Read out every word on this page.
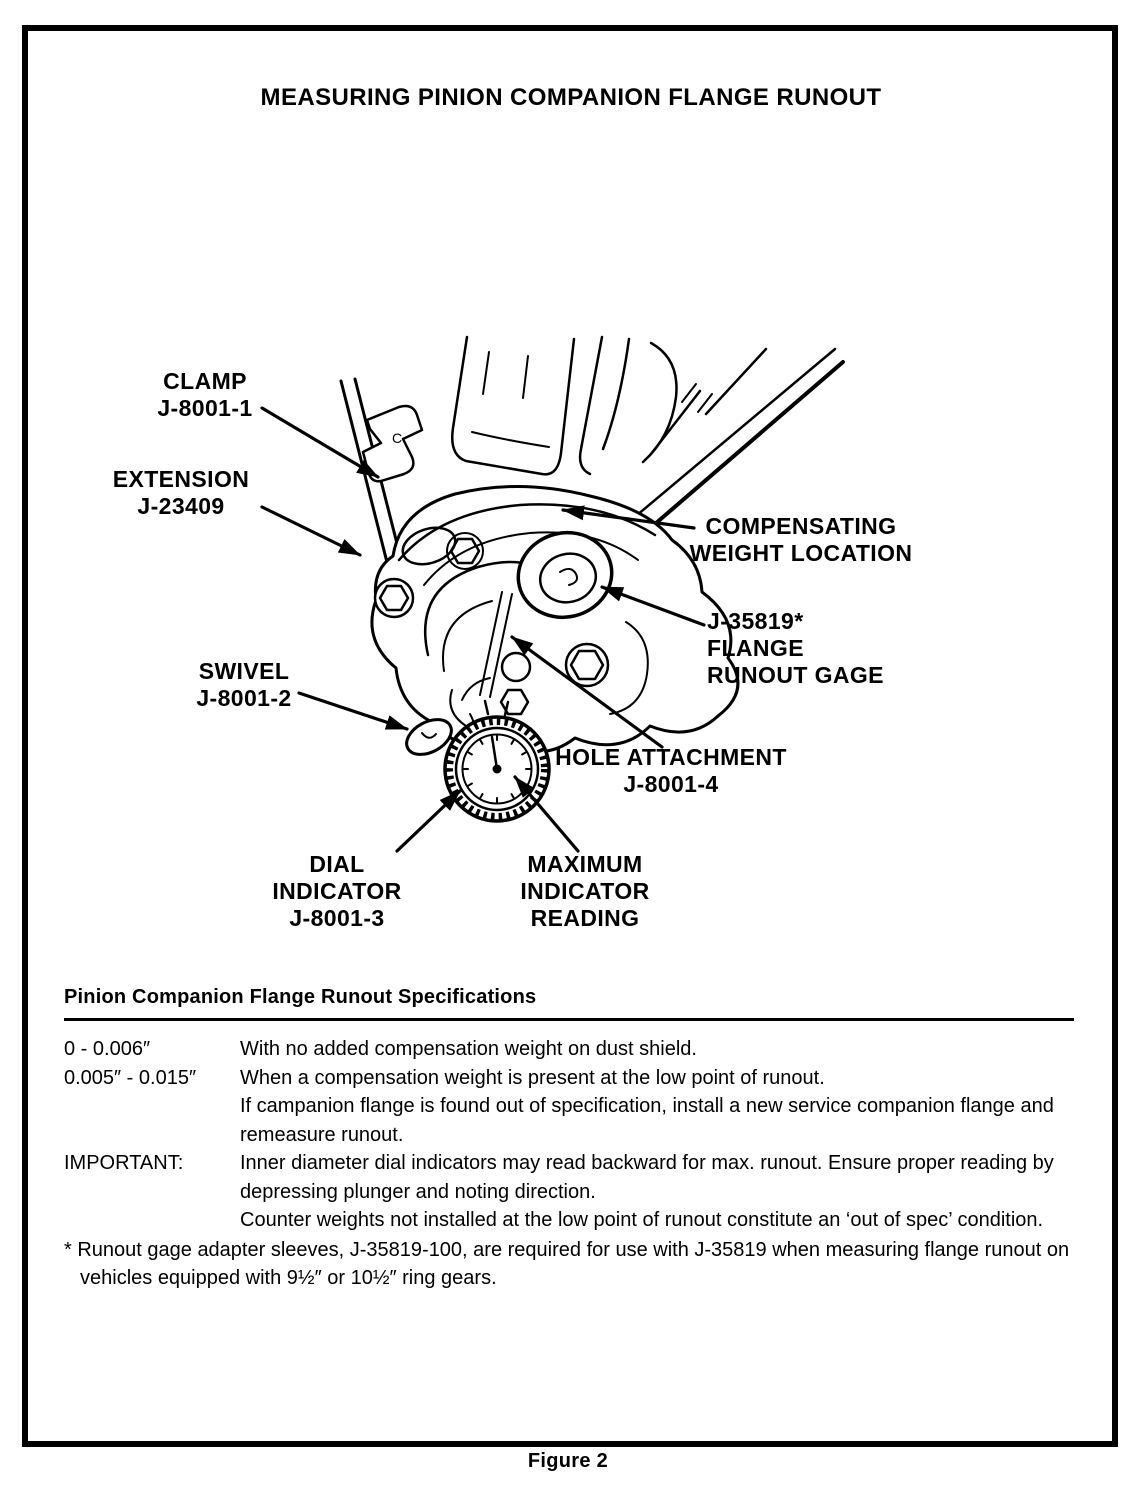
MEASURING PINION COMPANION FLANGE RUNOUT
C
CLAMP
J-8001-1
EXTENSION
J-23409
COMPENSATING
WEIGHT LOCATION
J-35819*
FLANGE
RUNOUT GAGE
SWIVEL
J-8001-2
HOLE ATTACHMENT
J-8001-4
DIAL
INDICATOR
J-8001-3
MAXIMUM
INDICATOR
READING
Pinion Companion Flange Runout Specifications
0 - 0.006″	With no added compensation weight on dust shield.
0.005″ - 0.015″	When a compensation weight is present at the low point of runout.
If campanion flange is found out of specification, install a new service companion flange and remeasure runout.
IMPORTANT:	Inner diameter dial indicators may read backward for max. runout. Ensure proper reading by depressing plunger and noting direction.
Counter weights not installed at the low point of runout constitute an ‘out of spec’ condition.
* Runout gage adapter sleeves, J-35819-100, are required for use with J-35819 when measuring flange runout on vehicles equipped with 9½″ or 10½″ ring gears.
Figure 2
